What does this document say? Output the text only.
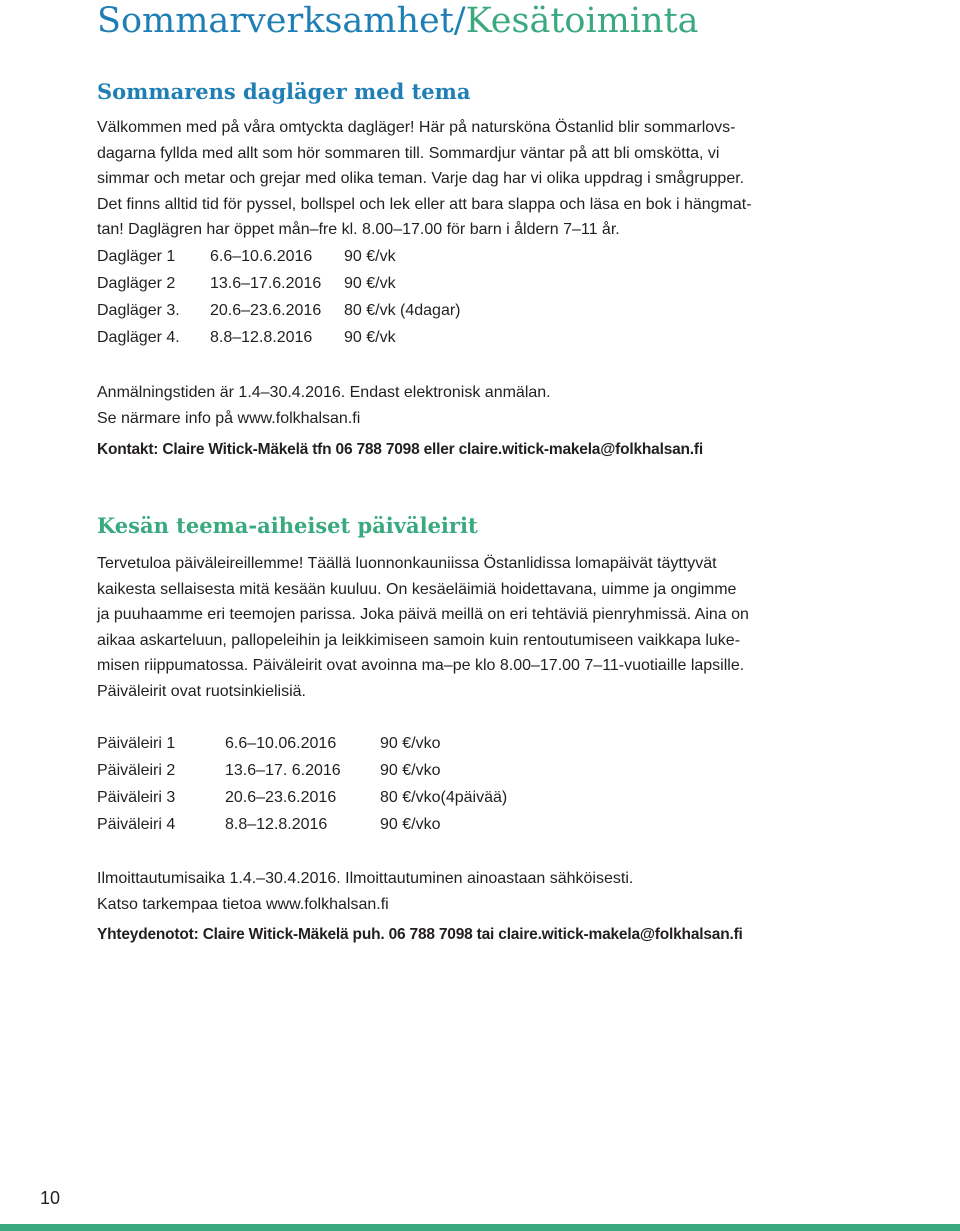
Sommarverksamhet/Kesätoiminta
Sommarens dagläger med tema
Välkommen med på våra omtyckta dagläger! Här på natursköna Östanlid blir sommarlovs-
dagarna fyllda med allt som hör sommaren till. Sommardjur väntar på att bli omskötta, vi
simmar och metar och grejar med olika teman. Varje dag har vi olika uppdrag i smågrupper.
Det finns alltid tid för pyssel, bollspel och lek eller att bara slappa och läsa en bok i hängmat-
tan! Daglägren har öppet mån–fre kl. 8.00–17.00 för barn i åldern 7–11 år.
Dagläger 1 6.6–10.6.2016 90 €/vk
Dagläger 2 13.6–17.6.2016 90 €/vk
Dagläger 3. 20.6–23.6.2016 80 €/vk (4dagar)
Dagläger 4. 8.8–12.8.2016 90 €/vk
Anmälningstiden är 1.4–30.4.2016. Endast elektronisk anmälan.
Se närmare info på www.folkhalsan.fi
Kontakt: Claire Witick-Mäkelä tfn 06 788 7098 eller claire.witick-makela@folkhalsan.fi
Kesän teema-aiheiset päiväleirit
Tervetuloa päiväleireillemme! Täällä luonnonkauniissa Östanlidissa lomapäivät täyttyvät
kaikesta sellaisesta mitä kesään kuuluu. On kesäeläimiä hoidettavana, uimme ja ongimme
ja puuhaamme eri teemojen parissa. Joka päivä meillä on eri tehtäviä pienryhmissä. Aina on
aikaa askarteluun, pallopeleihin ja leikkimiseen samoin kuin rentoutumiseen vaikkapa luke-
misen riippumatossa. Päiväleirit ovat avoinna ma–pe klo 8.00–17.00 7–11-vuotiaille lapsille.
Päiväleirit ovat ruotsinkielisiä.
Päiväleiri 1	6.6–10.06.2016	90 €/vko
Päiväleiri 2	13.6–17. 6.2016 90 €/vko
Päiväleiri 3	20.6–23.6.2016	80 €/vko(4päivää)
Päiväleiri 4	8.8–12.8.2016	90 €/vko
Ilmoittautumisaika 1.4.–30.4.2016. Ilmoittautuminen ainoastaan sähköisesti.
Katso tarkempaa tietoa www.folkhalsan.fi
Yhteydenotot: Claire Witick-Mäkelä puh. 06 788 7098 tai claire.witick-makela@folkhalsan.fi
10
